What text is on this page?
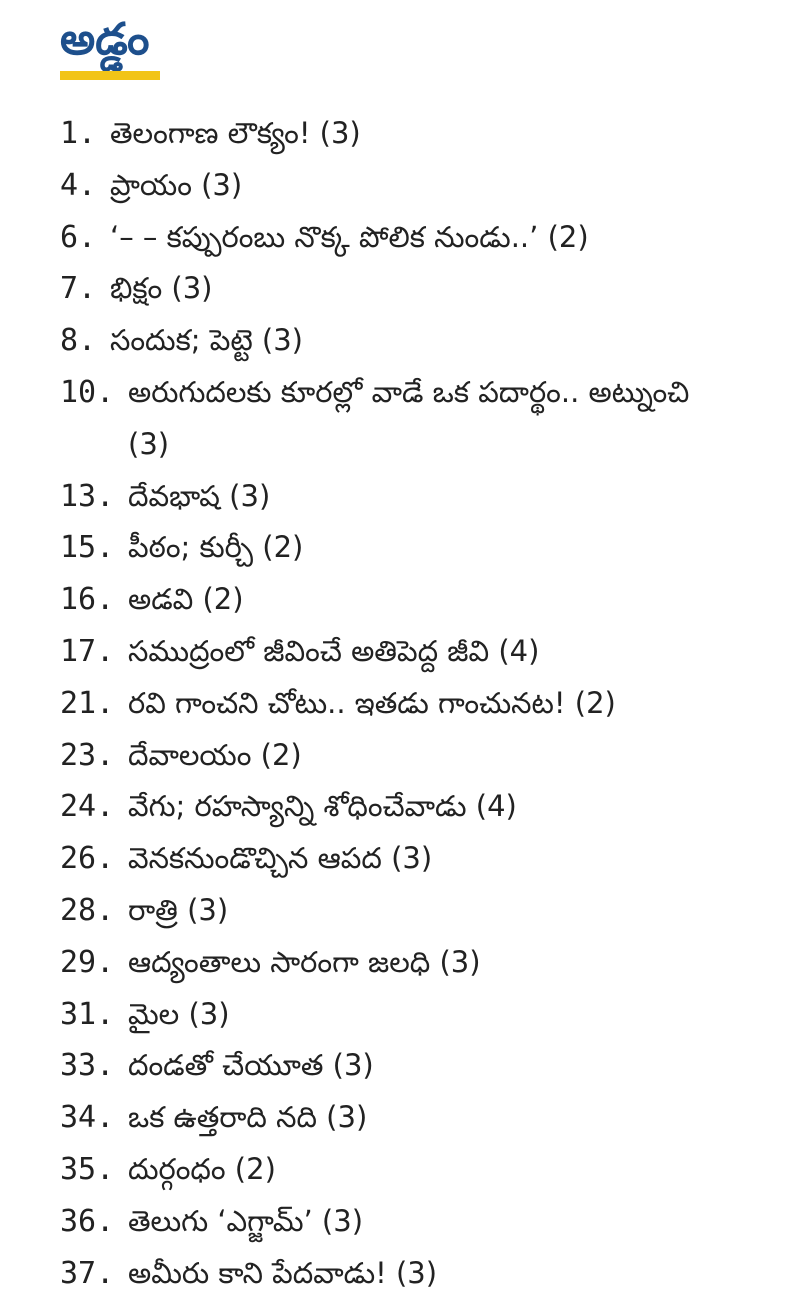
అడ్డం
1. తెలంగాణ లౌక్యం! (3)
4. ప్రాయం (3)
6. ‘– – కప్పురంబు నొక్క పోలిక నుండు..’ (2)
7. భిక్షం (3)
8. సందుక; పెట్టె (3)
10. అరుగుదలకు కూరల్లో వాడే ఒక పదార్థం.. అట్నుంచి (3)
13. దేవభాష (3)
15. పీఠం; కుర్చీ (2)
16. అడవి (2)
17. సముద్రంలో జీవించే అతిపెద్ద జీవి (4)
21. రవి గాంచని చోటు.. ఇతడు గాంచునట! (2)
23. దేవాలయం (2)
24. వేగు; రహస్యాన్ని శోధించేవాడు (4)
26. వెనకనుండొచ్చిన ఆపద (3)
28. రాత్రి (3)
29. ఆద్యంతాలు సారంగా జలధి (3)
31. మైల (3)
33. దండతో చేయూత (3)
34. ఒక ఉత్తరాది నది (3)
35. దుర్గంధం (2)
36. తెలుగు ‘ఎగ్జామ్’ (3)
37. అమీరు కాని పేదవాడు! (3)
